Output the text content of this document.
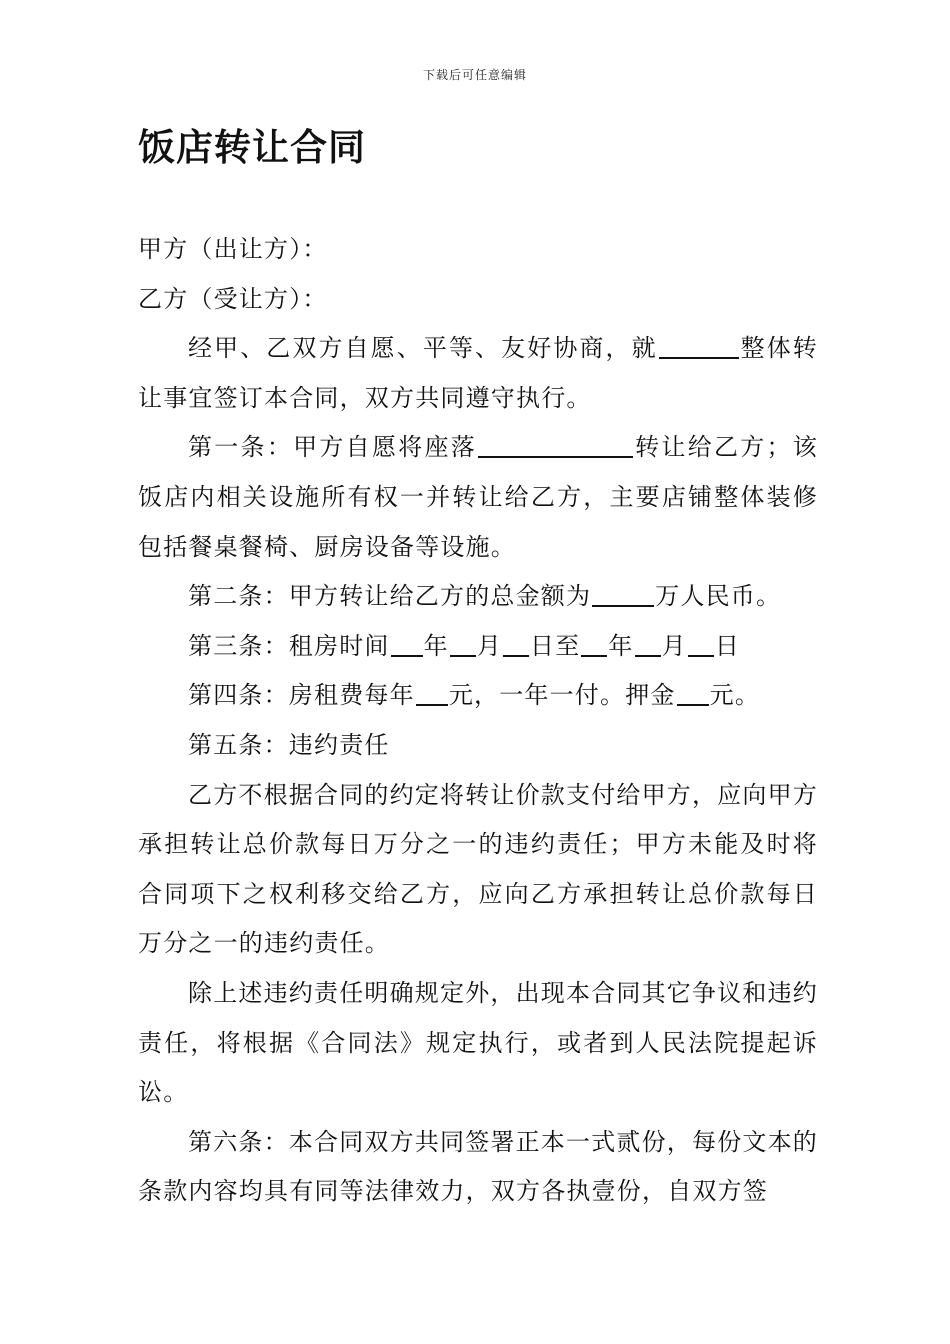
下载后可任意编辑
饭店转让合同

甲方（出让方）：

乙方（受让方）：

经甲、乙双方自愿、平等、友好协商，就	整体转让事宜签订本合同，双方共同遵守执行。

第一条：甲方自愿将座落	转让给乙方；该饭店内相关设施所有权一并转让给乙方，主要店铺整体装修包括餐桌餐椅、厨房设备等设施。

第二条：甲方转让给乙方的总金额为	万人民币。

第三条：租房时间 年 月 日至 年 月 日

第四条：房租费每年 元，一年一付。押金 元。

第五条：违约责任

乙方不根据合同的约定将转让价款支付给甲方，应向甲方承担转让总价款每日万分之一的违约责任；甲方未能及时将合同项下之权利移交给乙方，应向乙方承担转让总价款每日万分之一的违约责任。

除上述违约责任明确规定外，出现本合同其它争议和违约责任，将根据《合同法》规定执行，或者到人民法院提起诉讼。

第六条：本合同双方共同签署正本一式贰份，每份文本的条款内容均具有同等法律效力，双方各执壹份，自双方签
